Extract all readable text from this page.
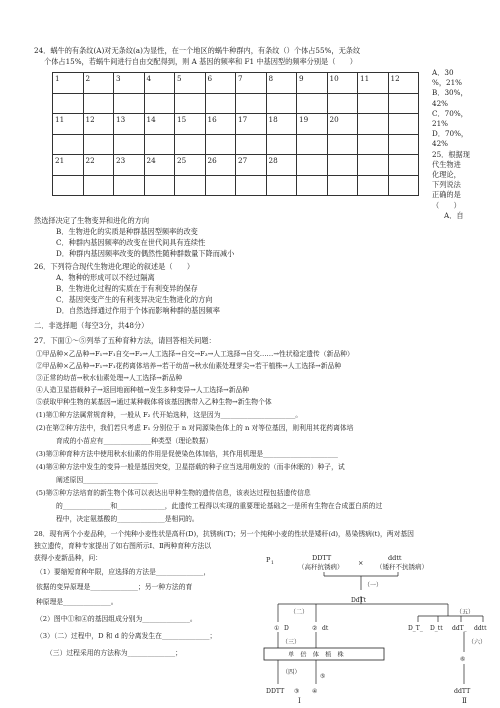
24．蜗牛的有条纹(A)对无条纹(a)为显性，在一个地区的蜗牛种群内，有条纹（）个体占55%，无条纹
个体占15%，若蜗牛间进行自由交配得到，则 A 基因的频率和 F1 中基因型的频率分别是（　　）
1	2	3	4	5	6	7	8	9	10	11	12

11	12	13	14	15	16	17	18	19	20		

21	22	23	24	25	26	27	28				

A．30
%，21%
B．30%，
42%
C．70%，
21%
D．70%，
42%
25．根据现
代生物进
化理论，
下列说法
正确的是
（　　）
A．自
然选择决定了生物变异和进化的方向
B．生物进化的实质是种群基因型频率的改变
C．种群内基因频率的改变在世代间具有连续性
D．种群内基因频率改变的偶然性随种群数量下降而减小
26．下列符合现代生物进化理论的叙述是（　　）
A．物种的形成可以不经过隔离
B．生物进化过程的实质在于有利变异的保存
C．基因突变产生的有利变异决定生物进化的方向
D．自然选择通过作用于个体而影响种群的基因频率
二．非选择题（每空3分，共48分）
27．下面①～⑤列举了五种育种方法，请回答相关问题：
①甲品种×乙品种→F₁→F₁自交→F₂→人工选择→自交→F₃→人工选择→自交……→性状稳定遗传（新品种）
②甲品种×乙品种→F₁→F₁花药离体培养→若干幼苗→秋水仙素处理芽尖→若干植株→人工选择→新品种
③正常的幼苗→秋水仙素处理→人工选择→新品种
④人造卫星搭载种子→返回地面种植→发生多种变异→人工选择→新品种
⑤获取甲种生物的某基因→通过某种载体将该基因携带入乙种生物→新生物个体
(1)第①种方法属常规育种，一般从 F₂ 代开始选种，这是因为______________________。
(2)在第②种方法中，我们若只考虑 F₁ 分别位于 n 对同源染色体上的 n 对等位基因，则利用其花药离体培
育成的小苗应有______________种类型（理论数据）
(3)第③种育种方法中使用秋水仙素的作用是促使染色体加倍，其作用机理是______________________
(4)第④种方法中发生的变异一般是基因突变，卫星搭载的种子应当选用萌发的（而非休眠的）种子，试
阐述原因______________________
(5)第⑤种方法培育的新生物个体可以表达出甲种生物的遗传信息，该表达过程包括遗传信息
的______________和______________，此遗传工程得以实现的重要理论基础之一是所有生物在合成蛋白质的过
程中，决定氨基酸的______________是相同的。
28．现有两个小麦品种，一个纯种小麦性状是高秆(D)，抗锈病(T)；另一个纯种小麦的性状是矮秆(d)，易染锈病(t)，两对基因
独立遗传，育种专家提出了如右图所示Ⅰ、Ⅱ两种育种方法以
获得小麦新品种，问：
（1）要缩短育种年限，应选择的方法是______________，
依据的变异原理是______________；另一种方法的育
种原理是______________。
（2）图中①和④的基因组成分别为______________。
（3）（二）过程中，D 和 d 的分离发生在______________；
（三）过程采用的方法称为______________；
P 1
DDTT
（高秆抗锈病） ×
ddtt
（矮秆不抗锈病）
（一）
DdTt
（二）	（五）
① D	② dt	D_T_ D_tt ddT_ ddtt
（三）	（六）
⑥
单　倍　体　植　株
（四）
DDTT ③ ④
⑤
ddTT
Ⅰ	Ⅱ
